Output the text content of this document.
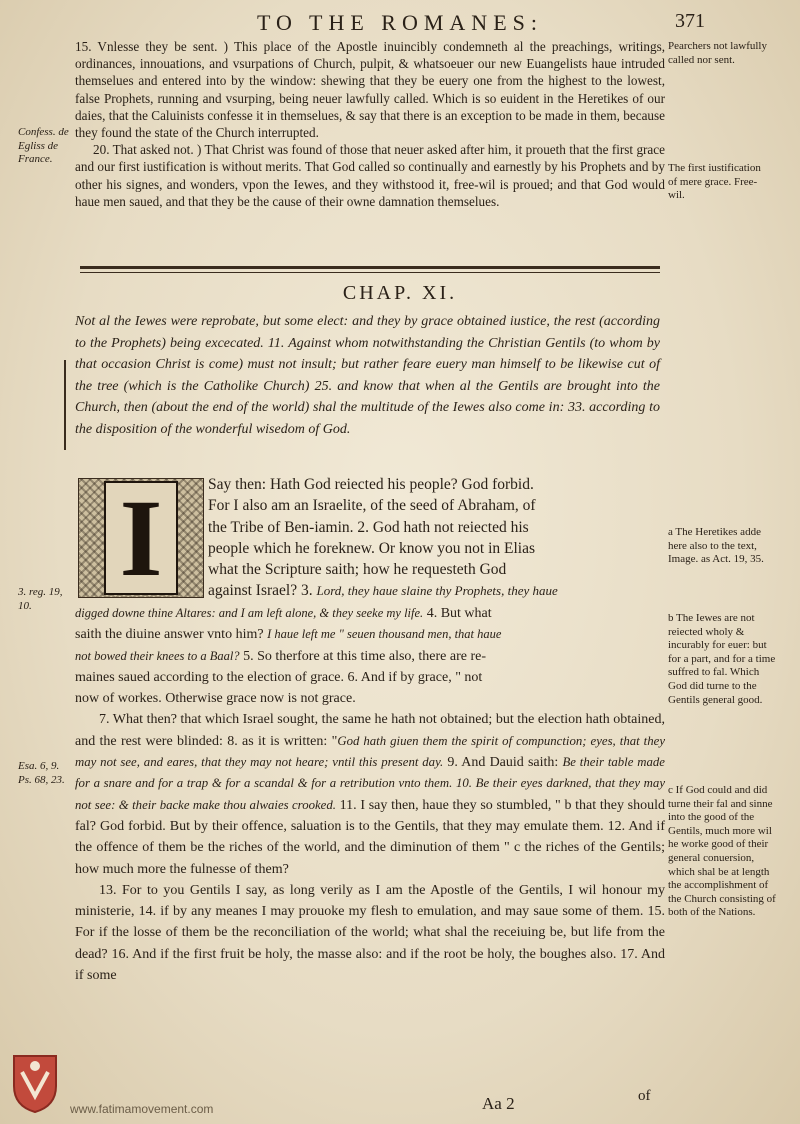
TO THE ROMANES:	371

15. Vnlesse they be sent. ) This place of the Apostle inuincibly condemneth al the preachings, writings, ordinances, innouations, and vsurpations of Church, pulpit, & whatsoeuer our new Euangelists haue intruded themselues and entered into by the window: shewing that they be euery one from the highest to the lowest, false Prophets, running and vsurping, being neuer lawfully called. Which is so euident in the Heretikes of our daies, that the Caluinists confesse it in themselues, & say that there is an exception to be made in them, because they found the state of the Church interrupted.

20. That asked not. ) That Christ was found of those that neuer asked after him, it proueth that the first grace and our first iustification is without merits. That God called so continually and earnestly by his Prophets and by other his signes, and wonders, vpon the Iewes, and they withstood it, free-wil is proued; and that God would haue men saued, and that they be the cause of their owne damnation themselues.

Confess. de Egliss de France.
Pearchers not lawfully called nor sent.
The first iustification of mere grace. Free-wil.
CHAP. XI.
Not al the Iewes were reprobate, but some elect: and they by grace obtained iustice, the rest (according to the Prophets) being excecated. 11. Against whom notwithstanding the Christian Gentils (to whom by that occasion Christ is come) must not insult; but rather feare euery man himself to be likewise cut of the tree (which is the Catholike Church) 25. and know that when al the Gentils are brought into the Church, then (about the end of the world) shal the multitude of the Iewes also come in: 33. according to the disposition of the wonderful wisedom of God.
I	Say then: Hath God reiected his people? God forbid.

For I also am an Israelite, of the seed of Abraham, of

the Tribe of Ben-iamin. 2. God hath not reiected his

people which he foreknew. Or know you not in Elias

what the Scripture saith; how he requesteth God

against Israel? 3. Lord, they haue slaine thy Prophets, they haue

digged downe thine Altares: and I am left alone, & they seeke my life. 4. But what

saith the diuine answer vnto him? I haue left me " seuen thousand men, that haue

not bowed their knees to a Baal? 5. So therfore at this time also, there are re-

maines saued according to the election of grace. 6. And if by grace, " not

now of workes. Otherwise grace now is not grace.

7. What then? that which Israel sought, the same he hath not obtained; but the election hath obtained, and the rest were blinded: 8. as it is written: "God hath giuen them the spirit of compunction; eyes, that they may not see, and eares, that they may not heare; vntil this present day. 9. And Dauid saith: Be their table made for a snare and for a trap & for a scandal & for a retribution vnto them. 10. Be their eyes darkned, that they may not see: & their backe make thou alwaies crooked. 11. I say then, haue they so stumbled, " b that they should fal? God forbid. But by their offence, saluation is to the Gentils, that they may emulate them. 12. And if the offence of them be the riches of the world, and the diminution of them " c the riches of the Gentils; how much more the fulnesse of them?

13. For to you Gentils I say, as long verily as I am the Apostle of the Gentils, I wil honour my ministerie, 14. if by any meanes I may prouoke my flesh to emulation, and may saue some of them. 15. For if the losse of them be the reconciliation of the world; what shal the receiuing be, but life from the dead? 16. And if the first fruit be holy, the masse also: and if the root be holy, the boughes also. 17. And if some

3. reg. 19, 10.
Esa. 6, 9. Ps. 68, 23.
a The Heretikes adde here also to the text, Image. as Act. 19, 35.
b The Iewes are not reiected wholy & incurably for euer: but for a part, and for a time suffred to fal. Which God did turne to the Gentils general good.
c If God could and did turne their fal and sinne into the good of the Gentils, much more wil he worke good of their general conuersion, which shal be at length the accomplishment of the Church consisting of both of the Nations.
Aa 2	of
www.fatimamovement.com
